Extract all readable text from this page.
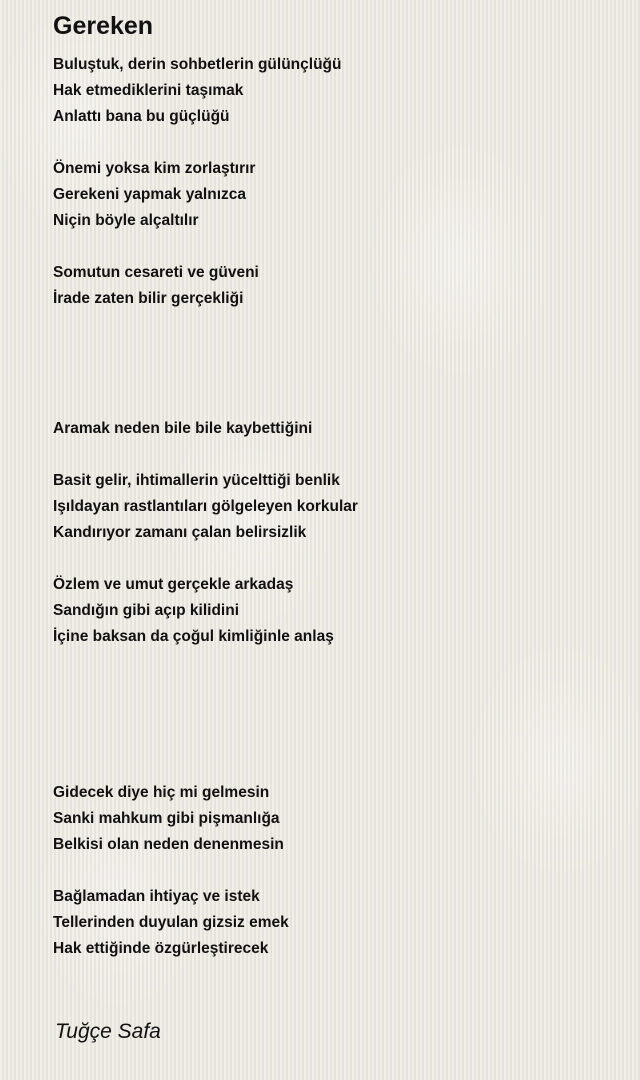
Gereken
Buluştuk, derin sohbetlerin gülünçlüğü
Hak etmediklerini taşımak
Anlattı bana bu güçlüğü
Önemi yoksa kim zorlaştırır
Gerekeni yapmak yalnızca
Niçin böyle alçaltılır
Somutun cesareti ve güveni
İrade zaten bilir gerçekliği
Aramak neden bile bile kaybettiğini
Basit gelir, ihtimallerin yücelttiği benlik
Işıldayan rastlantıları gölgeleyen korkular
Kandırıyor zamanı çalan belirsizlik
Özlem ve umut gerçekle arkadaş
Sandığın gibi açıp kilidini
İçine baksan da çoğul kimliğinle anlaş
Gidecek diye hiç mi gelmesin
Sanki mahkum gibi pişmanlığa
Belkisi olan neden denenmesin
Bağlamadan ihtiyaç ve istek
Tellerinden duyulan gizsiz emek
Hak ettiğinde özgürleştirecek
Tuğçe Safa
